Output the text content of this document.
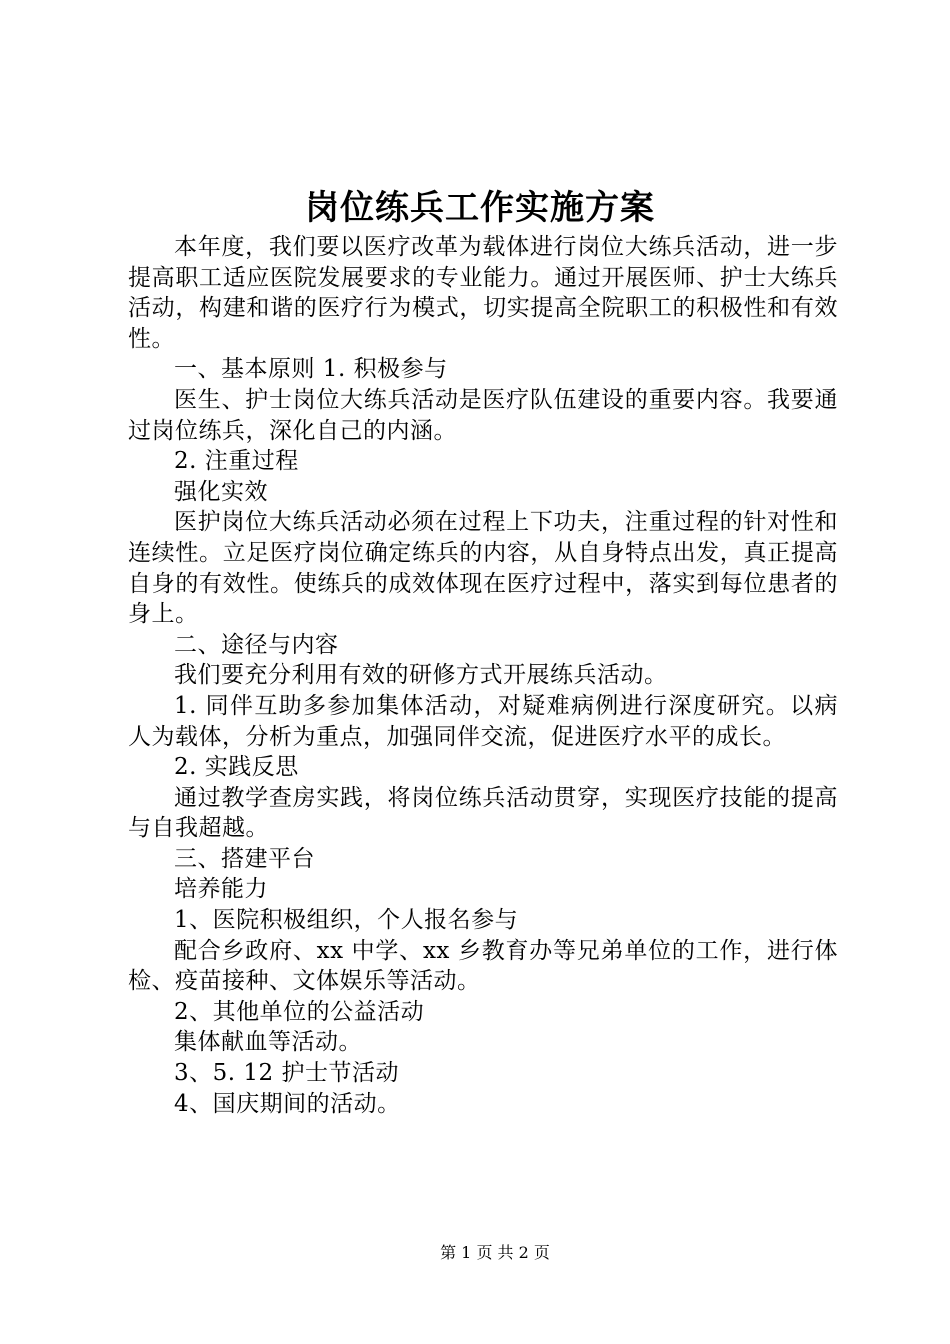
岗位练兵工作实施方案

本年度，我们要以医疗改革为载体进行岗位大练兵活动，进一步提高职工适应医院发展要求的专业能力。通过开展医师、护士大练兵活动，构建和谐的医疗行为模式，切实提高全院职工的积极性和有效性。

一、基本原则 1. 积极参与

医生、护士岗位大练兵活动是医疗队伍建设的重要内容。我要通过岗位练兵，深化自己的内涵。

2. 注重过程

强化实效

医护岗位大练兵活动必须在过程上下功夫，注重过程的针对性和连续性。立足医疗岗位确定练兵的内容，从自身特点出发，真正提高自身的有效性。使练兵的成效体现在医疗过程中，落实到每位患者的身上。

二、途径与内容

我们要充分利用有效的研修方式开展练兵活动。

1. 同伴互助多参加集体活动，对疑难病例进行深度研究。以病人为载体，分析为重点，加强同伴交流，促进医疗水平的成长。

2. 实践反思

通过教学查房实践，将岗位练兵活动贯穿，实现医疗技能的提高与自我超越。

三、搭建平台

培养能力

1、医院积极组织，个人报名参与

配合乡政府、xx 中学、xx 乡教育办等兄弟单位的工作，进行体检、疫苗接种、文体娱乐等活动。

2、其他单位的公益活动

集体献血等活动。

3、5. 12 护士节活动

4、国庆期间的活动。

第 1 页 共 2 页
